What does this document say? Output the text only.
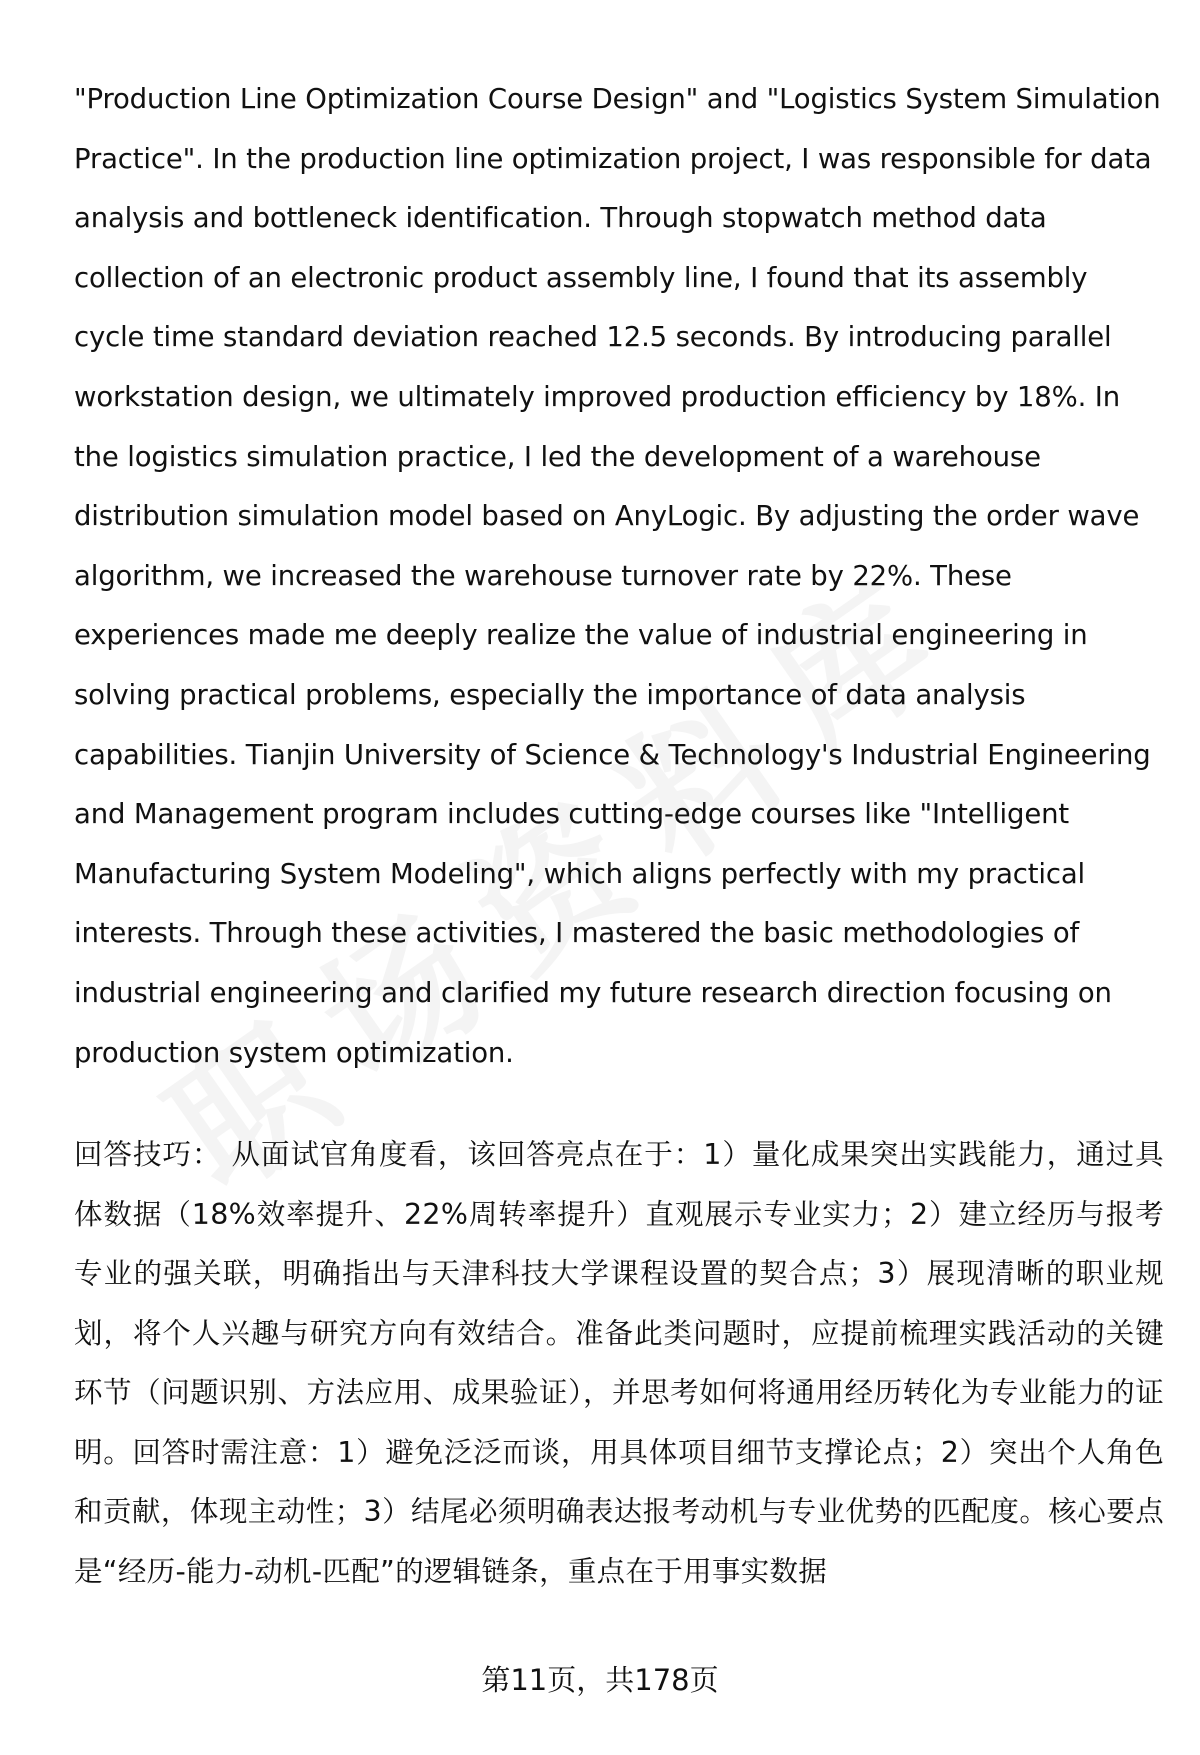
"Production Line Optimization Course Design" and "Logistics System Simulation Practice". In the production line optimization project, I was responsible for data analysis and bottleneck identification. Through stopwatch method data collection of an electronic product assembly line, I found that its assembly cycle time standard deviation reached 12.5 seconds. By introducing parallel workstation design, we ultimately improved production efficiency by 18%. In the logistics simulation practice, I led the development of a warehouse distribution simulation model based on AnyLogic. By adjusting the order wave algorithm, we increased the warehouse turnover rate by 22%. These experiences made me deeply realize the value of industrial engineering in solving practical problems, especially the importance of data analysis capabilities. Tianjin University of Science & Technology's Industrial Engineering and Management program includes cutting-edge courses like "Intelligent Manufacturing System Modeling", which aligns perfectly with my practical interests. Through these activities, I mastered the basic methodologies of industrial engineering and clarified my future research direction focusing on production system optimization.

回答技巧： 从面试官角度看，该回答亮点在于：1）量化成果突出实践能力，通过具体数据（18%效率提升、22%周转率提升）直观展示专业实力；2）建立经历与报考专业的强关联，明确指出与天津科技大学课程设置的契合点；3）展现清晰的职业规划，将个人兴趣与研究方向有效结合。准备此类问题时，应提前梳理实践活动的关键环节（问题识别、方法应用、成果验证），并思考如何将通用经历转化为专业能力的证明。回答时需注意：1）避免泛泛而谈，用具体项目细节支撑论点；2）突出个人角色和贡献，体现主动性；3）结尾必须明确表达报考动机与专业优势的匹配度。核心要点是“经历-能力-动机-匹配”的逻辑链条，重点在于用事实数据

第11页，共178页
